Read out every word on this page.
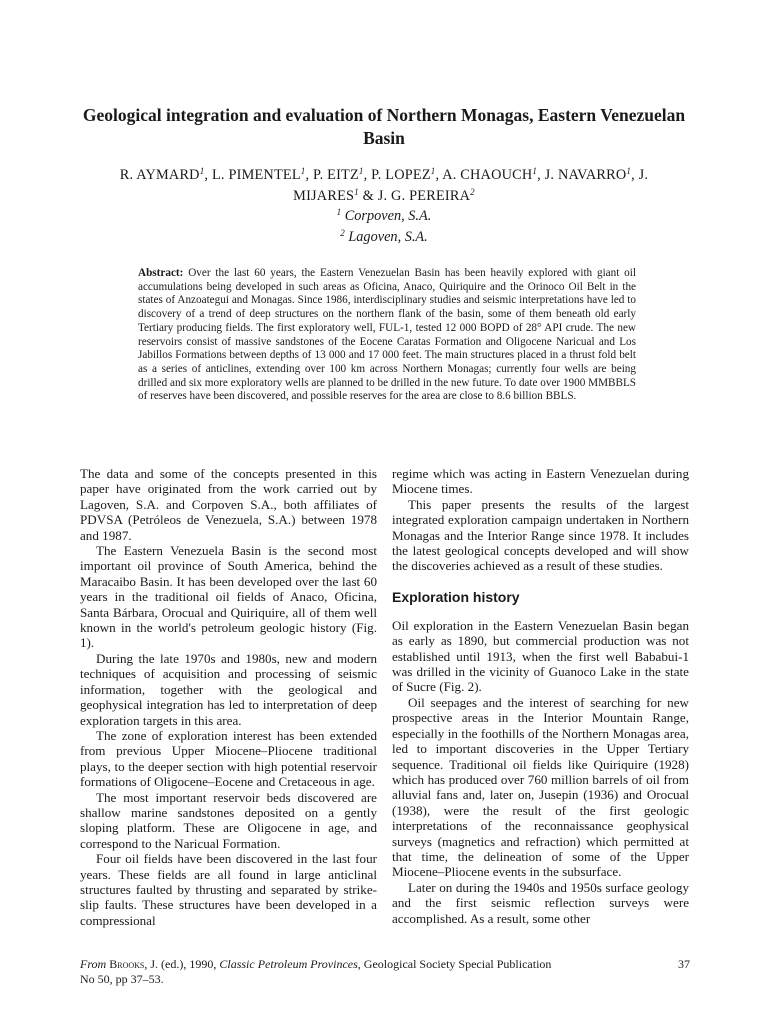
Geological integration and evaluation of Northern Monagas, Eastern Venezuelan Basin

R. AYMARD$^1$, L. PIMENTEL$^1$, P. EITZ$^1$, P. LOPEZ$^1$, A. CHAOUCH$^1$, J. NAVARRO$^1$, J. MIJARES$^1$ & J. G. PEREIRA$^2$

$^1$ Corpoven, S.A.
$^2$ Lagoven, S.A.

Abstract: Over the last 60 years, the Eastern Venezuelan Basin has been heavily explored with giant oil accumulations being developed in such areas as Oficina, Anaco, Quiriquire and the Orinoco Oil Belt in the states of Anzoategui and Monagas. Since 1986, interdisciplinary studies and seismic interpretations have led to discovery of a trend of deep structures on the northern flank of the basin, some of them beneath old early Tertiary producing fields. The first exploratory well, FUL-1, tested 12 000 BOPD of 28° API crude. The new reservoirs consist of massive sandstones of the Eocene Caratas Formation and Oligocene Naricual and Los Jabillos Formations between depths of 13 000 and 17 000 feet. The main structures placed in a thrust fold belt as a series of anticlines, extending over 100 km across Northern Monagas; currently four wells are being drilled and six more exploratory wells are planned to be drilled in the new future. To date over 1900 MMBBLS of reserves have been discovered, and possible reserves for the area are close to 8.6 billion BBLS.

The data and some of the concepts presented in this paper have originated from the work carried out by Lagoven, S.A. and Corpoven S.A., both affiliates of PDVSA (Petróleos de Venezuela, S.A.) between 1978 and 1987.

The Eastern Venezuela Basin is the second most important oil province of South America, behind the Maracaibo Basin. It has been developed over the last 60 years in the traditional oil fields of Anaco, Oficina, Santa Bárbara, Orocual and Quiriquire, all of them well known in the world's petroleum geologic history (Fig. 1).

During the late 1970s and 1980s, new and modern techniques of acquisition and processing of seismic information, together with the geological and geophysical integration has led to interpretation of deep exploration targets in this area.

The zone of exploration interest has been extended from previous Upper Miocene–Pliocene traditional plays, to the deeper section with high potential reservoir formations of Oligocene–Eocene and Cretaceous in age.

The most important reservoir beds discovered are shallow marine sandstones deposited on a gently sloping platform. These are Oligocene in age, and correspond to the Naricual Formation.

Four oil fields have been discovered in the last four years. These fields are all found in large anticlinal structures faulted by thrusting and separated by strike-slip faults. These structures have been developed in a compressional

regime which was acting in Eastern Venezuelan during Miocene times.

This paper presents the results of the largest integrated exploration campaign undertaken in Northern Monagas and the Interior Range since 1978. It includes the latest geological concepts developed and will show the discoveries achieved as a result of these studies.

Exploration history

Oil exploration in the Eastern Venezuelan Basin began as early as 1890, but commercial production was not established until 1913, when the first well Bababui-1 was drilled in the vicinity of Guanoco Lake in the state of Sucre (Fig. 2).

Oil seepages and the interest of searching for new prospective areas in the Interior Mountain Range, especially in the foothills of the Northern Monagas area, led to important discoveries in the Upper Tertiary sequence. Traditional oil fields like Quiriquire (1928) which has produced over 760 million barrels of oil from alluvial fans and, later on, Jusepin (1936) and Orocual (1938), were the result of the first geologic interpretations of the reconnaissance geophysical surveys (magnetics and refraction) which permitted at that time, the delineation of some of the Upper Miocene–Pliocene events in the subsurface.

Later on during the 1940s and 1950s surface geology and the first seismic reflection surveys were accomplished. As a result, some other

From Brooks, J. (ed.), 1990, Classic Petroleum Provinces, Geological Society Special Publication
No 50, pp 37–53.
37
